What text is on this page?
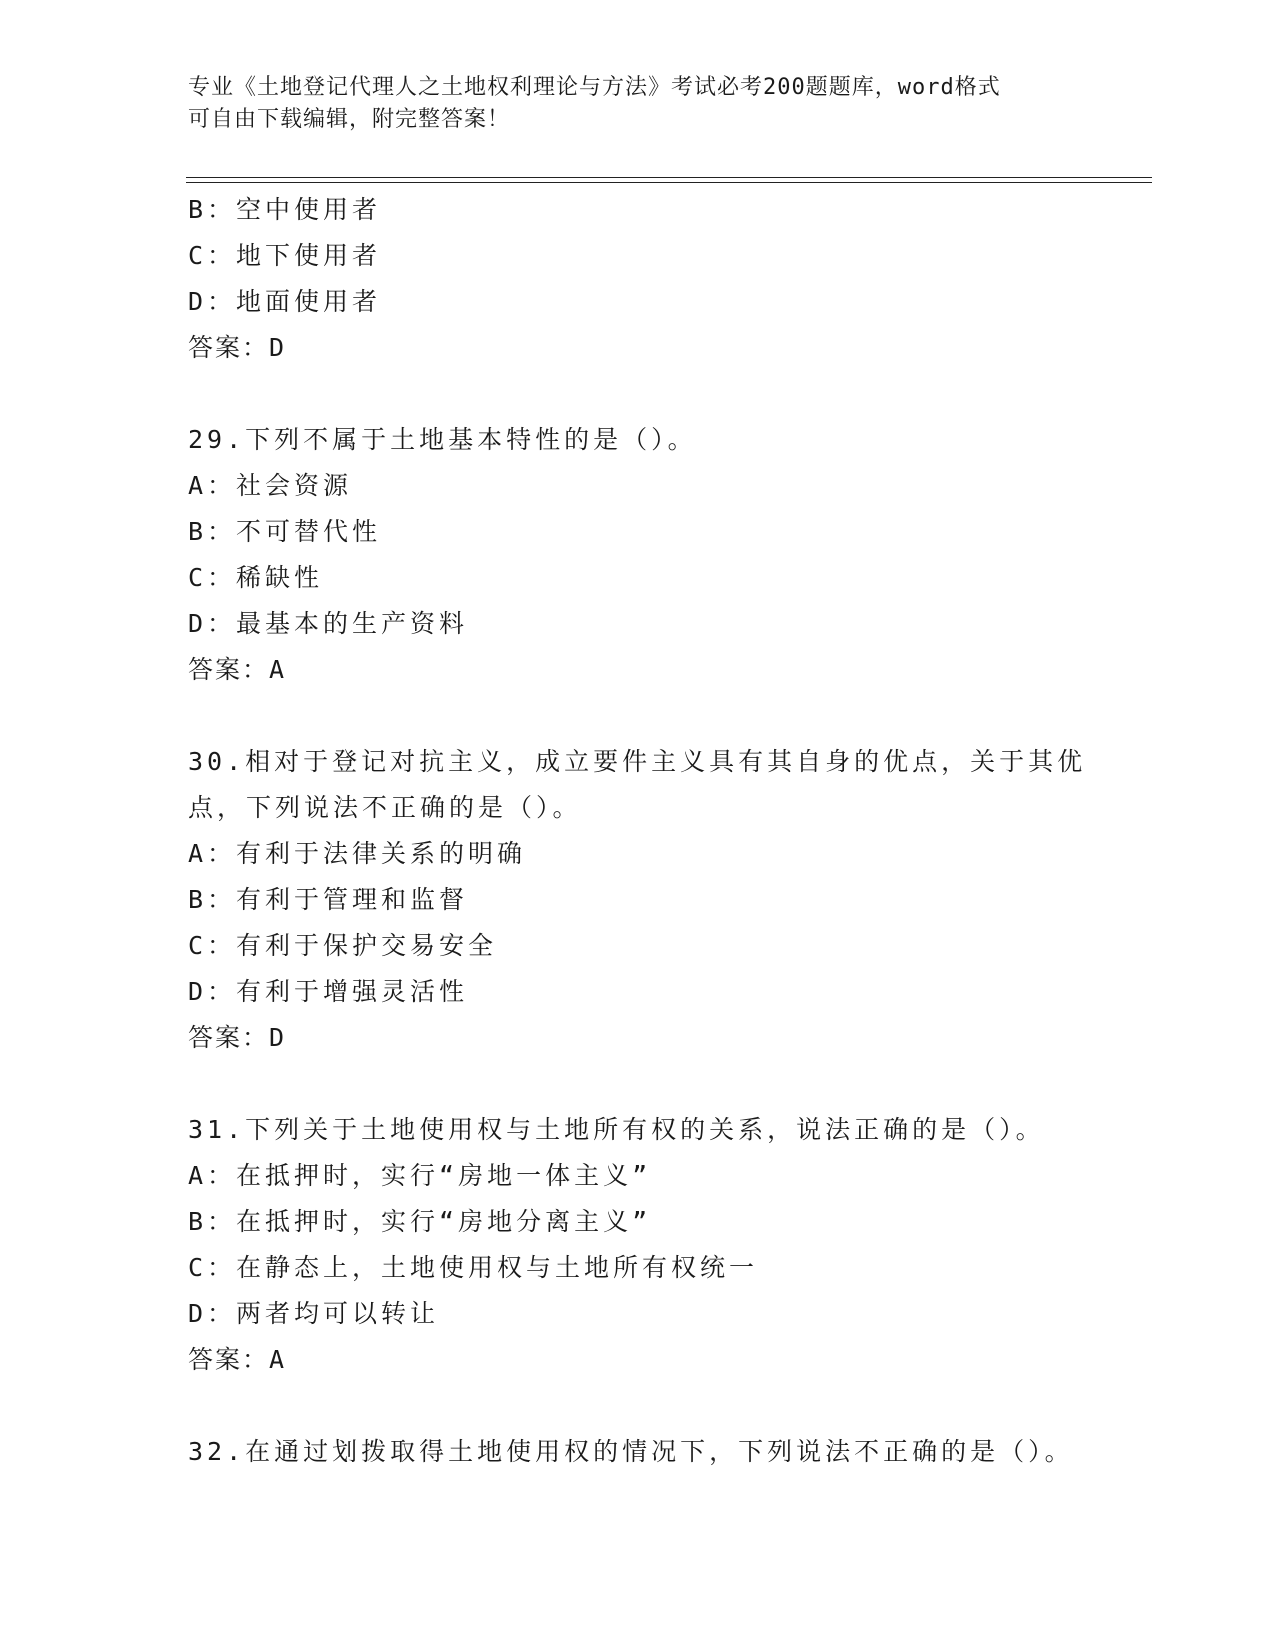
专业《土地登记代理人之土地权利理论与方法》考试必考200题题库，word格式
可自由下载编辑，附完整答案！
B：空中使用者
C：地下使用者
D：地面使用者
答案：D
29.下列不属于土地基本特性的是（）。
A：社会资源
B：不可替代性
C：稀缺性
D：最基本的生产资料
答案：A
30.相对于登记对抗主义，成立要件主义具有其自身的优点，关于其优
点，下列说法不正确的是（）。
A：有利于法律关系的明确
B：有利于管理和监督
C：有利于保护交易安全
D：有利于增强灵活性
答案：D
31.下列关于土地使用权与土地所有权的关系，说法正确的是（）。
A：在抵押时，实行“房地一体主义”
B：在抵押时，实行“房地分离主义”
C：在静态上，土地使用权与土地所有权统一
D：两者均可以转让
答案：A
32.在通过划拨取得土地使用权的情况下，下列说法不正确的是（）。
